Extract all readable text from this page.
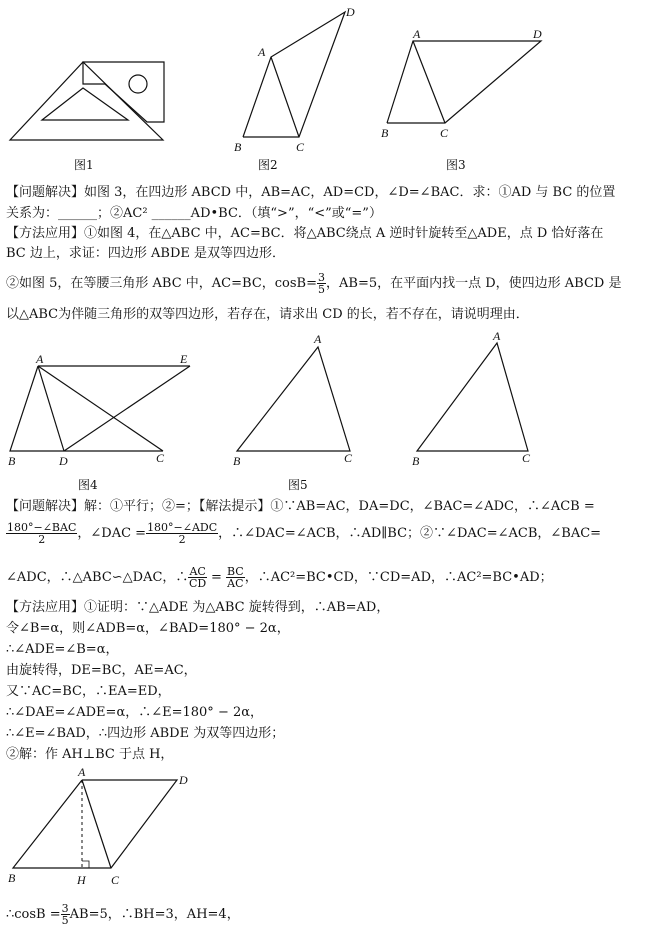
图1
A
B	C
D
图2
A
B	C
D
图3
【问题解决】如图 3，在四边形 ABCD 中，AB=AC，AD=CD，∠D=∠BAC．求：①AD 与 BC 的位置
关系为：______；②AC² ______AD•BC．（填“>”，“<”或“=”）
【方法应用】①如图 4，在△ABC 中，AC=BC．将△ABC绕点 A 逆时针旋转至△ADE，点 D 恰好落在
BC 边上，求证：四边形 ABDE 是双等四边形．
②如图 5，在等腰三角形 ABC 中，AC=BC，$\cos B= \frac{3}{5}$ ，AB=5，在平面内找一点 D，使四边形 ABCD 是
以△ABC为伴随三角形的双等四边形，若存在，请求出 CD 的长，若不存在，请说明理由．
A
B	C
D
E
图4
A
B	C
图5
A
B	C
【问题解决】解：①平行；②=；【解法提示】①∵AB=AC，DA=DC，∠BAC=∠ADC，∴∠ACB =
$\frac{\text{180°−∠BAC}}{2}$ ，∠DAC = $\frac{\text{180°−∠ADC}}{2}$ ，∴∠DAC=∠ACB，∴AD∥BC；②∵∠DAC=∠ACB，∠BAC=
∠ADC，∴△ABC∽△DAC，∴ $\frac{AC}{CD} = \frac{BC}{AC}$ ，∴AC²=BC•CD，∵CD=AD，∴AC²=BC•AD；
【方法应用】①证明：∵△ADE 为△ABC 旋转得到，∴AB=AD，
令∠B=α，则∠ADB=α，∠BAD=180° − 2α，
∴∠ADE=∠B=α，
由旋转得，DE=BC，AE=AC，
又∵AC=BC，∴EA=ED，
∴∠DAE=∠ADE=α，∴∠E=180° − 2α，
∴∠E=∠BAD，∴四边形 ABDE 为双等四边形；
②解：作 AH⊥BC 于点 H，
A
B	H C
D
∴cosB = $\frac{3}{5} AB=5$，∴BH=3，AH=4，
